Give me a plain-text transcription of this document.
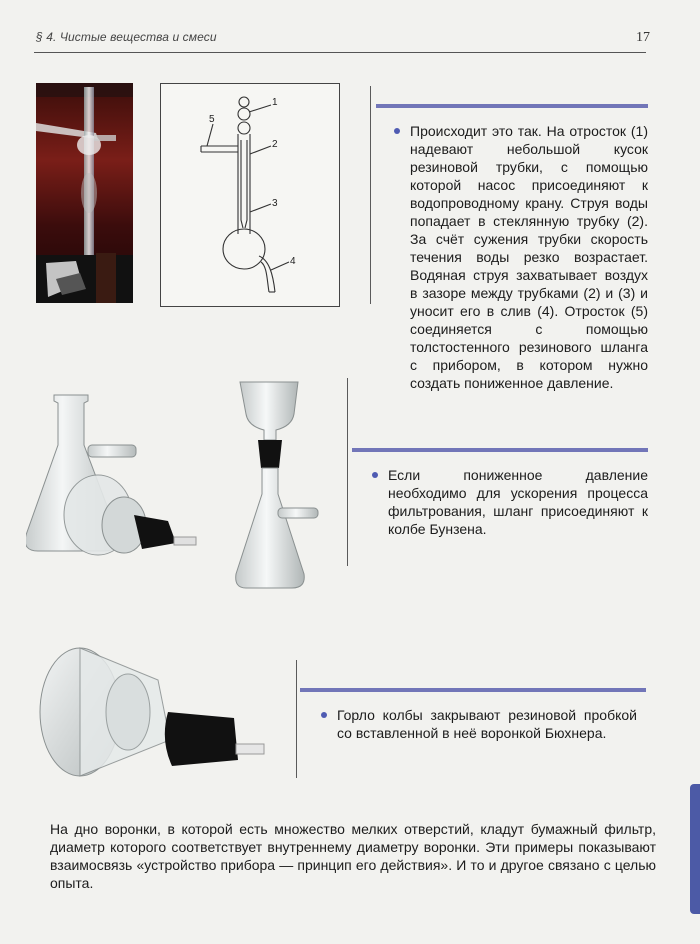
§ 4. Чистые вещества и смеси	17
1
2
3
4
5
Происходит это так. На отросток (1) надевают небольшой кусок резиновой трубки, с помощью которой насос присоединяют к водопроводному крану. Струя воды попадает в стеклянную трубку (2). За счёт сужения трубки скорость течения воды резко возрастает. Водяная струя захватывает воздух в зазоре между трубками (2) и (3) и уносит его в слив (4). Отросток (5) соединяется с помощью толстостенного резинового шланга с прибором, в котором нужно создать пониженное давление.
Если пониженное давление необходимо для ускорения процесса фильтрования, шланг присоединяют к колбе Бунзена.
Горло колбы закрывают резиновой пробкой со вставленной в неё воронкой Бюхнера.
На дно воронки, в которой есть множество мелких отверстий, кладут бумажный фильтр, диаметр которого соответствует внутреннему диаметру воронки. Эти примеры показывают взаимосвязь «устройство прибора — принцип его действия». И то и другое связано с целью опыта.
